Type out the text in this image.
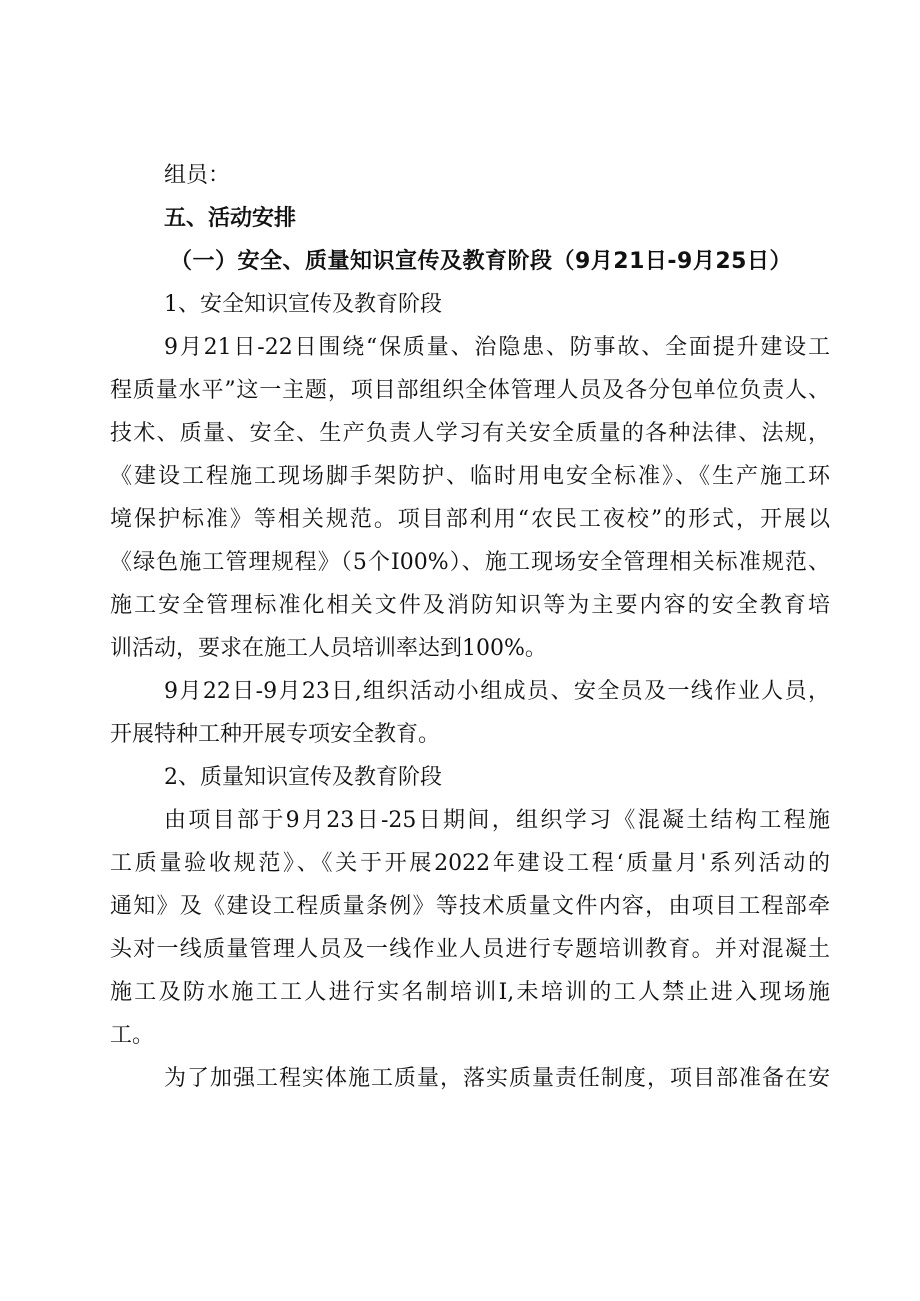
组员：

五、活动安排

（一）安全、质量知识宣传及教育阶段（9月21日-9月25日）

1、安全知识宣传及教育阶段

9月21日-22日围绕“保质量、治隐患、防事故、全面提升建设工

程质量水平”这一主题，项目部组织全体管理人员及各分包单位负责人、

技术、质量、安全、生产负责人学习有关安全质量的各种法律、法规，

《建设工程施工现场脚手架防护、临时用电安全标准》、《生产施工环

境保护标准》等相关规范。项目部利用“农民工夜校”的形式，开展以

《绿色施工管理规程》（5个I00%）、施工现场安全管理相关标准规范、

施工安全管理标准化相关文件及消防知识等为主要内容的安全教育培

训活动，要求在施工人员培训率达到100%。

9月22日-9月23日,组织活动小组成员、安全员及一线作业人员，

开展特种工种开展专项安全教育。

2、质量知识宣传及教育阶段

由项目部于9月23日-25日期间，组织学习《混凝土结构工程施

工质量验收规范》、《关于开展2022年建设工程‘质量月'系列活动的

通知》及《建设工程质量条例》等技术质量文件内容，由项目工程部牵

头对一线质量管理人员及一线作业人员进行专题培训教育。并对混凝土

施工及防水施工工人进行实名制培训I,未培训的工人禁止进入现场施

工。

为了加强工程实体施工质量，落实质量责任制度，项目部准备在安
